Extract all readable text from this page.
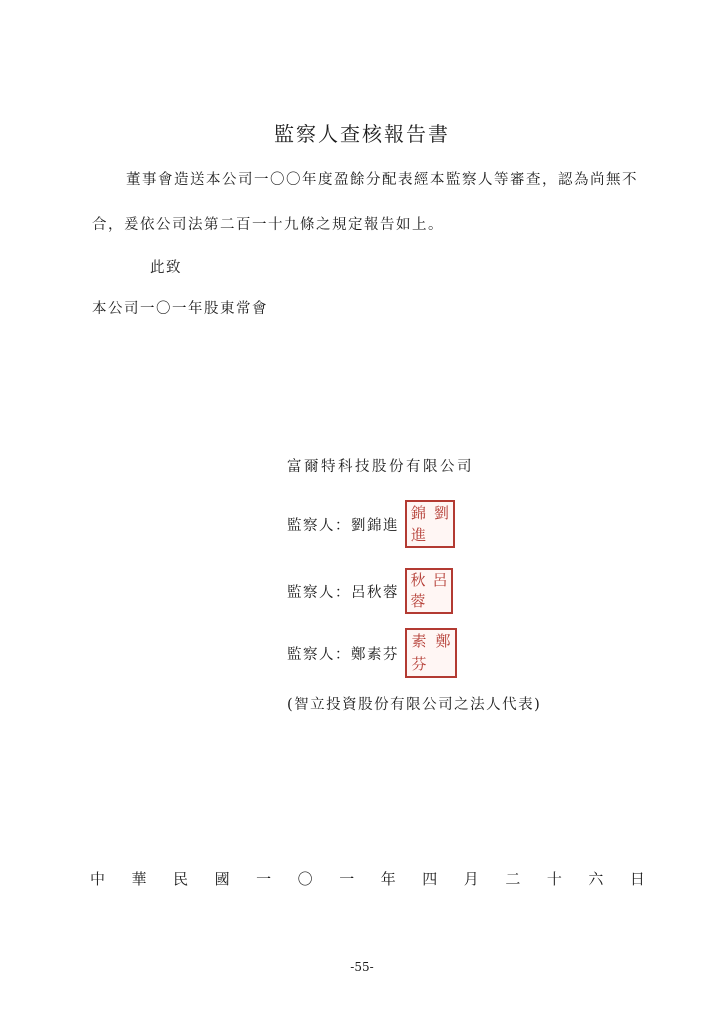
監察人查核報告書

董事會造送本公司一〇〇年度盈餘分配表經本監察人等審查，認為尚無不合，爰依公司法第二百一十九條之規定報告如上。

此致

本公司一〇一年股東常會

富爾特科技股份有限公司

監察人：劉錦進
錦 劉
進
監察人：呂秋蓉
秋 呂
蓉
監察人：鄭素芬
素 鄭
芬

(智立投資股份有限公司之法人代表)

中 華 民 國 一 〇 一 年 四 月 二 十 六 日

-55-
